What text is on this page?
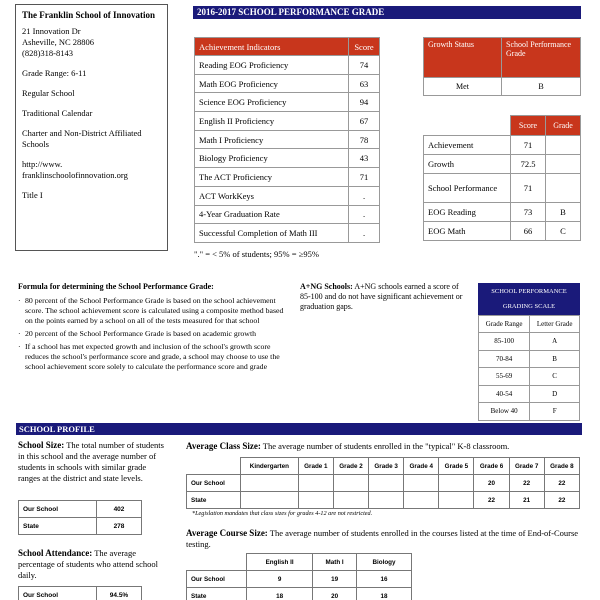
The Franklin School of Innovation

21 Innovation Dr

Asheville, NC 28806

(828)318-8143

Grade Range: 6-11

Regular School

Traditional Calendar

Charter and Non-District Affiliated Schools

http://www. franklinschoolofinnovation.org

Title I

2016-2017 SCHOOL PERFORMANCE GRADE
Achievement Indicators	Score
Reading EOG Proficiency	74
Math EOG Proficiency	63
Science EOG Proficiency	94
English II Proficiency	67
Math I Proficiency	78
Biology Proficiency	43
The ACT Proficiency	71
ACT WorkKeys	.
4-Year Graduation Rate	.
Successful Completion of Math III	.
"." = < 5% of students; 95% = ≥95%
Growth Status	School Performance Grade
Met	B
	Score	Grade
Achievement	71	
Growth	72.5	
School Performance	71	
EOG Reading	73	B
EOG Math	66	C
Formula for determining the School Performance Grade:
· 80 percent of the School Performance Grade is based on the school achievement score. The school achievement score is calculated using a composite method based on the points earned by a school on all of the tests measured for that school
· 20 percent of the School Performance Grade is based on academic growth
· If a school has met expected growth and inclusion of the school's growth score reduces the school's performance score and grade, a school may choose to use the school achievement score solely to calculate the performance score and grade
A+NG Schools: A+NG schools earned a score of 85-100 and do not have significant achievement or graduation gaps.
SCHOOL PERFORMANCE GRADING SCALE
Grade Range	Letter Grade
85-100	A
70-84	B
55-69	C
40-54	D
Below 40	F
SCHOOL PROFILE
School Size: The total number of students in this school and the average number of students in schools with similar grade ranges at the district and state levels.
Our School	402
State	278
School Attendance: The average percentage of students who attend school daily.
Our School	94.5%
Average Class Size: The average number of students enrolled in the "typical" K-8 classroom.
	Kindergarten	Grade 1	Grade 2	Grade 3	Grade 4	Grade 5	Grade 6	Grade 7	Grade 8
Our School							20	22	22
State							22	21	22
*Legislation mandates that class sizes for grades 4-12 are not restricted.
Average Course Size: The average number of students enrolled in the courses listed at the time of End-of-Course testing.
	English II	Math I	Biology
Our School	9	19	16
State	18	20	18
